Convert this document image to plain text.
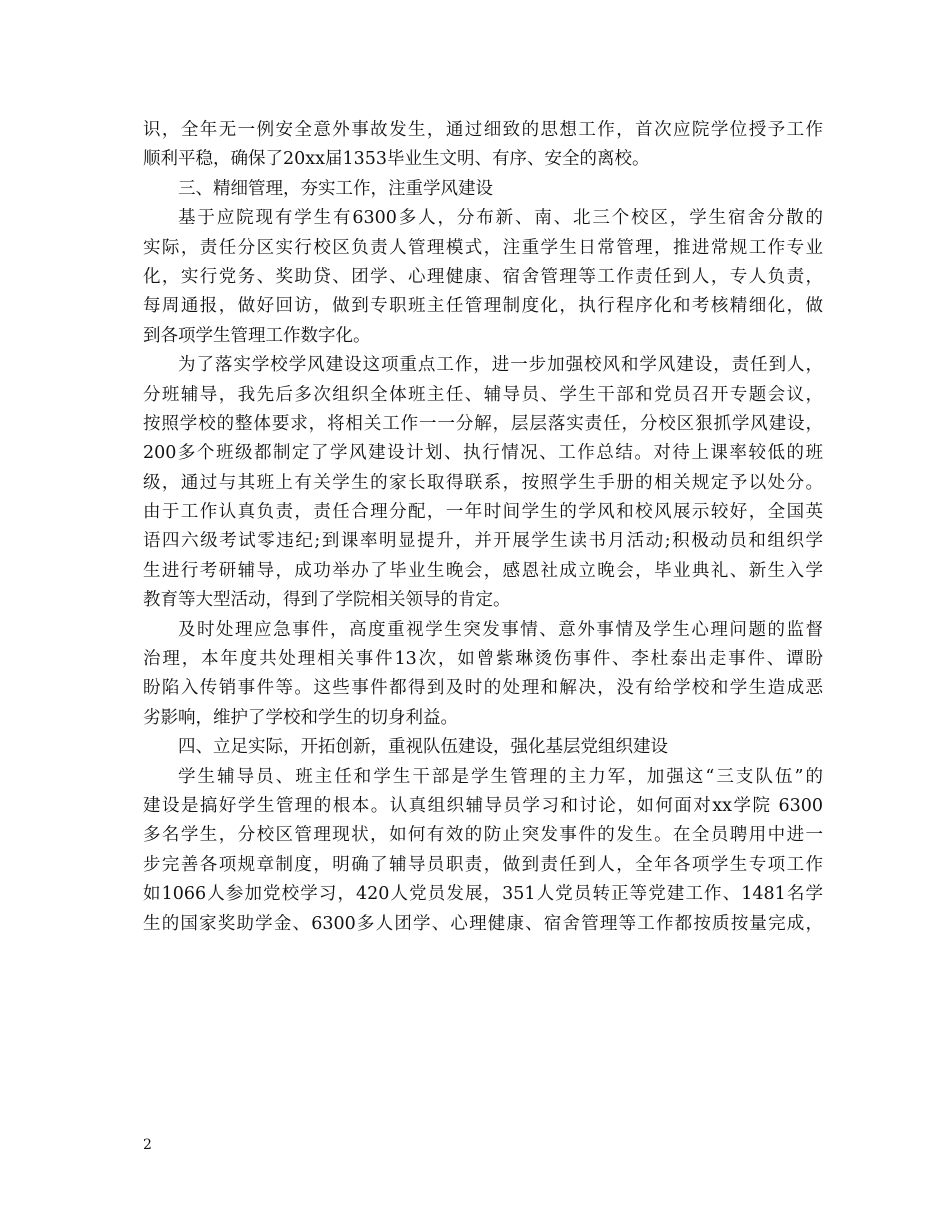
识，全年无一例安全意外事故发生，通过细致的思想工作，首次应院学位授予工作
顺利平稳，确保了20xx届1353毕业生文明、有序、安全的离校。
三、精细管理，夯实工作，注重学风建设
基于应院现有学生有6300多人，分布新、南、北三个校区，学生宿舍分散的
实际，责任分区实行校区负责人管理模式，注重学生日常管理，推进常规工作专业
化，实行党务、奖助贷、团学、心理健康、宿舍管理等工作责任到人，专人负责，
每周通报，做好回访，做到专职班主任管理制度化，执行程序化和考核精细化，做
到各项学生管理工作数字化。
为了落实学校学风建设这项重点工作，进一步加强校风和学风建设，责任到人，
分班辅导，我先后多次组织全体班主任、辅导员、学生干部和党员召开专题会议，
按照学校的整体要求，将相关工作一一分解，层层落实责任，分校区狠抓学风建设，
200多个班级都制定了学风建设计划、执行情况、工作总结。对待上课率较低的班
级，通过与其班上有关学生的家长取得联系，按照学生手册的相关规定予以处分。
由于工作认真负责，责任合理分配，一年时间学生的学风和校风展示较好，全国英
语四六级考试零违纪;到课率明显提升，并开展学生读书月活动;积极动员和组织学
生进行考研辅导，成功举办了毕业生晚会，感恩社成立晚会，毕业典礼、新生入学
教育等大型活动，得到了学院相关领导的肯定。
及时处理应急事件，高度重视学生突发事情、意外事情及学生心理问题的监督
治理，本年度共处理相关事件13次，如曾紫琳烫伤事件、李杜泰出走事件、谭盼
盼陷入传销事件等。这些事件都得到及时的处理和解决，没有给学校和学生造成恶
劣影响，维护了学校和学生的切身利益。
四、立足实际，开拓创新，重视队伍建设，强化基层党组织建设
学生辅导员、班主任和学生干部是学生管理的主力军，加强这“三支队伍”的
建设是搞好学生管理的根本。认真组织辅导员学习和讨论，如何面对xx学院 6300
多名学生，分校区管理现状，如何有效的防止突发事件的发生。在全员聘用中进一
步完善各项规章制度，明确了辅导员职责，做到责任到人，全年各项学生专项工作
如1066人参加党校学习，420人党员发展，351人党员转正等党建工作、1481名学
生的国家奖助学金、6300多人团学、心理健康、宿舍管理等工作都按质按量完成，
2
